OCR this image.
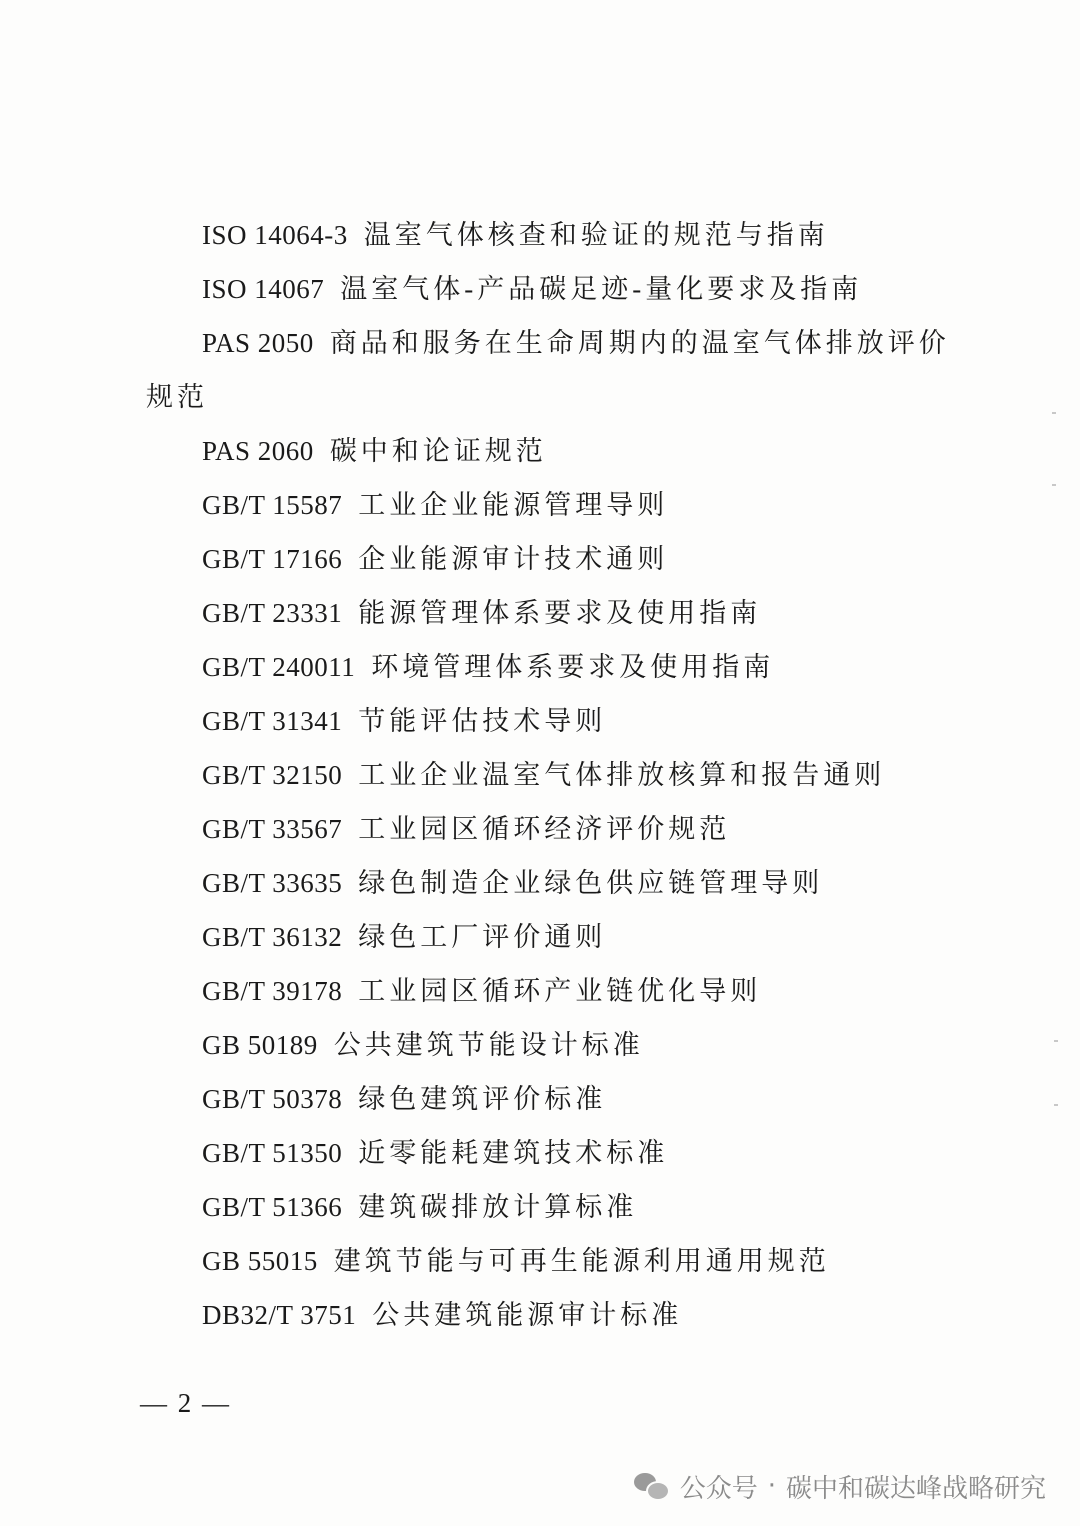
ISO 14064-3 温室气体核查和验证的规范与指南
ISO 14067 温室气体-产品碳足迹-量化要求及指南
PAS 2050 商品和服务在生命周期内的温室气体排放评价规范
PAS 2060 碳中和论证规范
GB/T 15587 工业企业能源管理导则
GB/T 17166 企业能源审计技术通则
GB/T 23331 能源管理体系要求及使用指南
GB/T 240011 环境管理体系要求及使用指南
GB/T 31341 节能评估技术导则
GB/T 32150 工业企业温室气体排放核算和报告通则
GB/T 33567 工业园区循环经济评价规范
GB/T 33635 绿色制造企业绿色供应链管理导则
GB/T 36132 绿色工厂评价通则
GB/T 39178 工业园区循环产业链优化导则
GB 50189 公共建筑节能设计标准
GB/T 50378 绿色建筑评价标准
GB/T 51350 近零能耗建筑技术标准
GB/T 51366 建筑碳排放计算标准
GB 55015 建筑节能与可再生能源利用通用规范
DB32/T 3751 公共建筑能源审计标准
— 2 —
公众号 · 碳中和碳达峰战略研究
